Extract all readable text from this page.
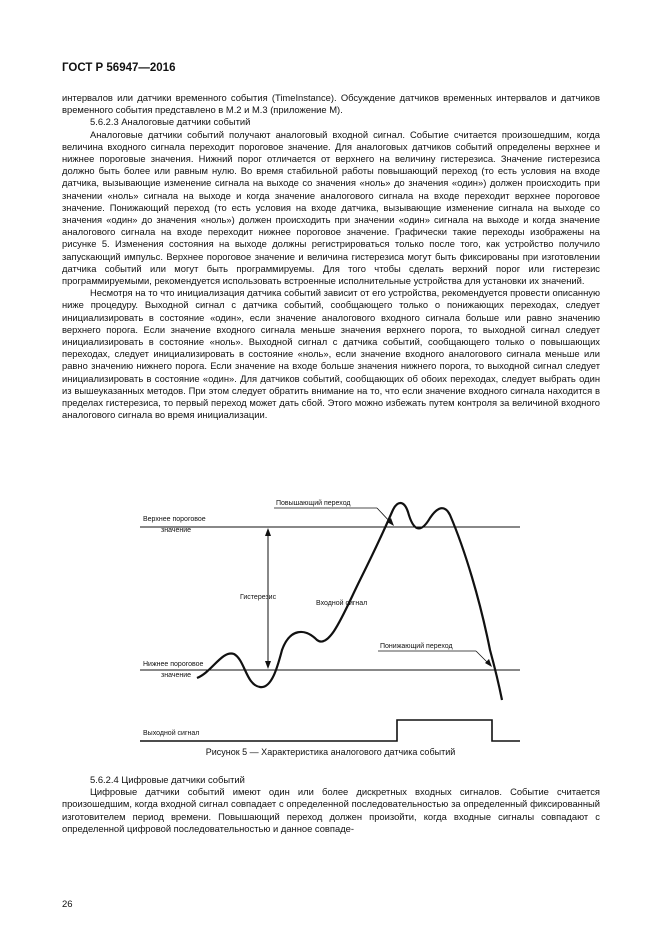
ГОСТ Р 56947—2016

интервалов или датчики временного события (TimeInstance). Обсуждение датчиков временных интервалов и датчиков временного события представлено в М.2 и М.3 (приложение М).

5.6.2.3 Аналоговые датчики событий

Аналоговые датчики событий получают аналоговый входной сигнал. Событие считается произошедшим, когда величина входного сигнала переходит пороговое значение. Для аналоговых датчиков событий определены верхнее и нижнее пороговые значения. Нижний порог отличается от верхнего на величину гистерезиса. Значение гистерезиса должно быть более или равным нулю. Во время стабильной работы повышающий переход (то есть условия на входе датчика, вызывающие изменение сигнала на выходе со значения «ноль» до значения «один») должен происходить при значении «ноль» сигнала на выходе и когда значение аналогового сигнала на входе переходит верхнее пороговое значение. Понижающий переход (то есть условия на входе датчика, вызывающие изменение сигнала на выходе со значения «один» до значения «ноль») должен происходить при значении «один» сигнала на выходе и когда значение аналогового сигнала на входе переходит нижнее пороговое значение. Графически такие переходы изображены на рисунке 5. Изменения состояния на выходе должны регистрироваться только после того, как устройство получило запускающий импульс. Верхнее пороговое значение и величина гистерезиса могут быть фиксированы при изготовлении датчика событий или могут быть программируемы. Для того чтобы сделать верхний порог или гистерезис программируемыми, рекомендуется использовать встроенные исполнительные устройства для установки их значений.

Несмотря на то что инициализация датчика событий зависит от его устройства, рекомендуется провести описанную ниже процедуру. Выходной сигнал с датчика событий, сообщающего только о понижающих переходах, следует инициализировать в состояние «один», если значение аналогового входного сигнала больше или равно значению верхнего порога. Если значение входного сигнала меньше значения верхнего порога, то выходной сигнал следует инициализировать в состояние «ноль». Выходной сигнал с датчика событий, сообщающего только о повышающих переходах, следует инициализировать в состояние «ноль», если значение входного аналогового сигнала меньше или равно значению нижнего порога. Если значение на входе больше значения нижнего порога, то выходной сигнал следует инициализировать в состояние «один». Для датчиков событий, сообщающих об обоих переходах, следует выбрать один из вышеуказанных методов. При этом следует обратить внимание на то, что если значение входного сигнала находится в пределах гистерезиса, то первый переход может дать сбой. Этого можно избежать путем контроля за величиной входного аналогового сигнала во время инициализации.

Верхнее пороговое
значение
Нижнее пороговое
значение
Гистерезис
Входной сигнал
Повышающий переход
Понижающий переход
Выходной сигнал
Рисунок 5 — Характеристика аналогового датчика событий

5.6.2.4 Цифровые датчики событий

Цифровые датчики событий имеют один или более дискретных входных сигналов. Событие считается произошедшим, когда входной сигнал совпадает с определенной последовательностью за определенный фиксированный изготовителем период времени. Повышающий переход должен произойти, когда входные сигналы совпадают с определенной цифровой последовательностью и данное совпаде-

26
